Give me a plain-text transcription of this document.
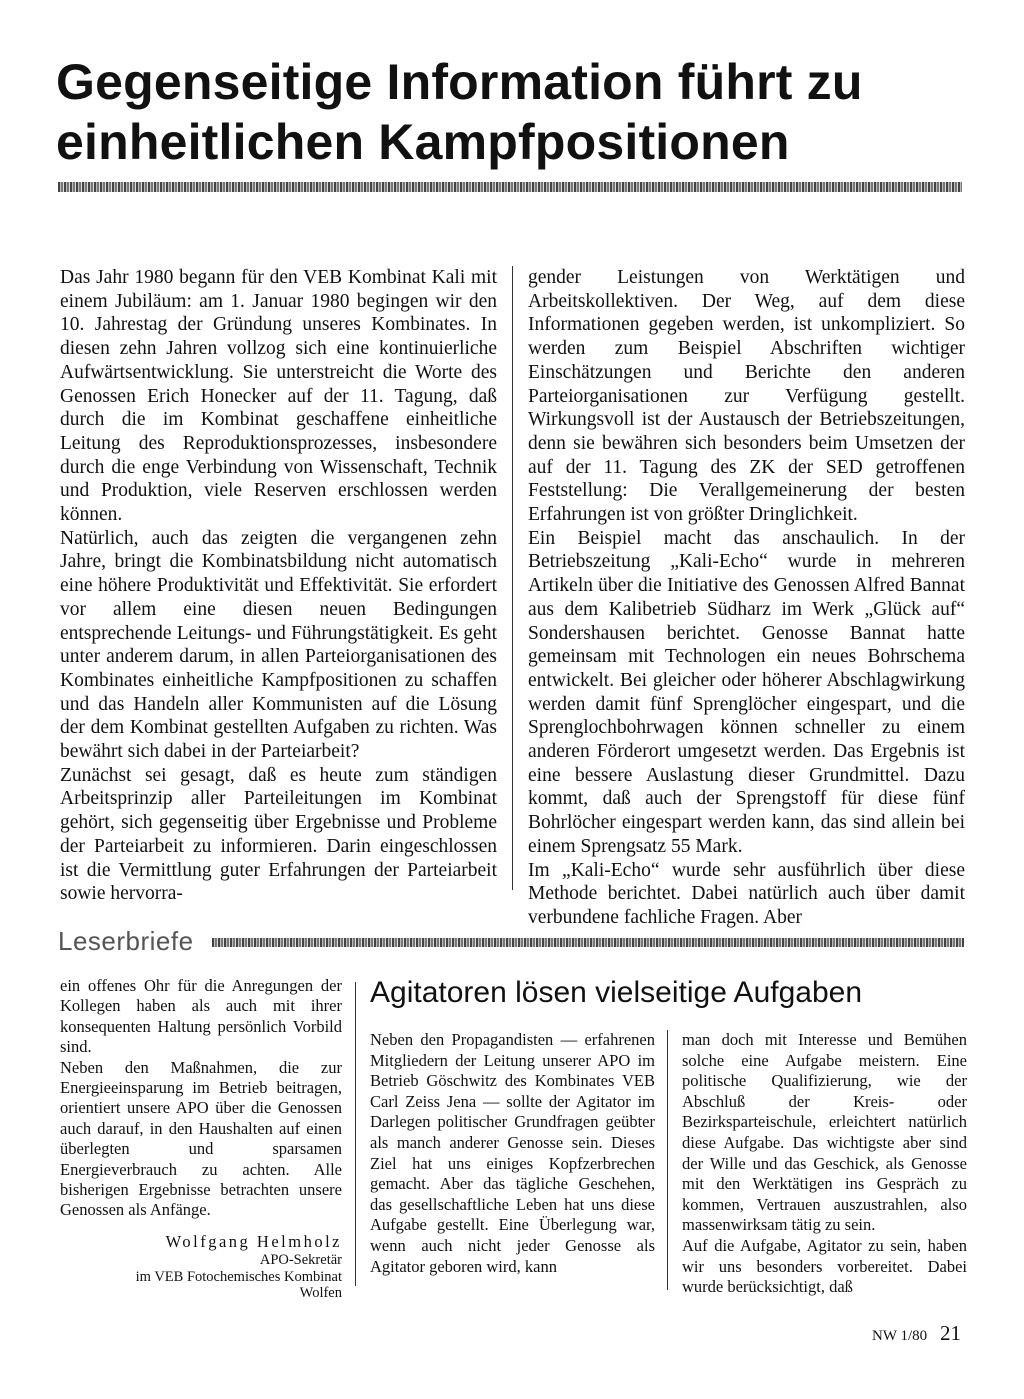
Gegenseitige Information führt zu einheitlichen Kampfpositionen

Das Jahr 1980 begann für den VEB Kombinat Kali mit einem Jubiläum: am 1. Januar 1980 begingen wir den 10. Jahrestag der Gründung unseres Kombinates. In diesen zehn Jahren vollzog sich eine kontinuierliche Aufwärtsentwicklung. Sie unterstreicht die Worte des Genossen Erich Honecker auf der 11. Tagung, daß durch die im Kombinat geschaffene einheitliche Leitung des Reproduktionsprozesses, insbesondere durch die enge Verbindung von Wissenschaft, Technik und Produktion, viele Reserven erschlossen werden können.

Natürlich, auch das zeigten die vergangenen zehn Jahre, bringt die Kombinatsbildung nicht automatisch eine höhere Produktivität und Effektivität. Sie erfordert vor allem eine diesen neuen Bedingungen entsprechende Leitungs- und Führungstätigkeit. Es geht unter anderem darum, in allen Parteiorganisationen des Kombinates einheitliche Kampfpositionen zu schaffen und das Handeln aller Kommunisten auf die Lösung der dem Kombinat gestellten Aufgaben zu richten. Was bewährt sich dabei in der Parteiarbeit?

Zunächst sei gesagt, daß es heute zum ständigen Arbeitsprinzip aller Parteileitungen im Kombinat gehört, sich gegenseitig über Ergebnisse und Probleme der Parteiarbeit zu informieren. Darin eingeschlossen ist die Vermittlung guter Erfahrungen der Parteiarbeit sowie hervorra-

gender Leistungen von Werktätigen und Arbeitskollektiven. Der Weg, auf dem diese Informationen gegeben werden, ist unkompliziert. So werden zum Beispiel Abschriften wichtiger Einschätzungen und Berichte den anderen Parteiorganisationen zur Verfügung gestellt. Wirkungsvoll ist der Austausch der Betriebszeitungen, denn sie bewähren sich besonders beim Umsetzen der auf der 11. Tagung des ZK der SED getroffenen Feststellung: Die Verallgemeinerung der besten Erfahrungen ist von größter Dringlichkeit.

Ein Beispiel macht das anschaulich. In der Betriebszeitung „Kali-Echo“ wurde in mehreren Artikeln über die Initiative des Genossen Alfred Bannat aus dem Kalibetrieb Südharz im Werk „Glück auf“ Sondershausen berichtet. Genosse Bannat hatte gemeinsam mit Technologen ein neues Bohrschema entwickelt. Bei gleicher oder höherer Abschlagwirkung werden damit fünf Sprenglöcher eingespart, und die Sprenglochbohrwagen können schneller zu einem anderen Förderort umgesetzt werden. Das Ergebnis ist eine bessere Auslastung dieser Grundmittel. Dazu kommt, daß auch der Sprengstoff für diese fünf Bohrlöcher eingespart werden kann, das sind allein bei einem Sprengsatz 55 Mark.

Im „Kali-Echo“ wurde sehr ausführlich über diese Methode berichtet. Dabei natürlich auch über damit verbundene fachliche Fragen. Aber

Leserbriefe

ein offenes Ohr für die Anregungen der Kollegen haben als auch mit ihrer konsequenten Haltung persönlich Vorbild sind.

Neben den Maßnahmen, die zur Energieeinsparung im Betrieb beitragen, orientiert unsere APO über die Genossen auch darauf, in den Haushalten auf einen überlegten und sparsamen Energieverbrauch zu achten. Alle bisherigen Ergebnisse betrachten unsere Genossen als Anfänge.

Wolfgang Helmholz
APO-Sekretär
im VEB Fotochemisches Kombinat
Wolfen
Agitatoren lösen vielseitige Aufgaben

Neben den Propagandisten — erfahrenen Mitgliedern der Leitung unserer APO im Betrieb Göschwitz des Kombinates VEB Carl Zeiss Jena — sollte der Agitator im Darlegen politischer Grundfragen geübter als manch anderer Genosse sein. Dieses Ziel hat uns einiges Kopfzerbrechen gemacht. Aber das tägliche Geschehen, das gesellschaftliche Leben hat uns diese Aufgabe gestellt. Eine Überlegung war, wenn auch nicht jeder Genosse als Agitator geboren wird, kann

man doch mit Interesse und Bemühen solche eine Aufgabe meistern. Eine politische Qualifizierung, wie der Abschluß der Kreis- oder Bezirksparteischule, erleichtert natürlich diese Aufgabe. Das wichtigste aber sind der Wille und das Geschick, als Genosse mit den Werktätigen ins Gespräch zu kommen, Vertrauen auszustrahlen, also massenwirksam tätig zu sein.

Auf die Aufgabe, Agitator zu sein, haben wir uns besonders vorbereitet. Dabei wurde berücksichtigt, daß

NW 1/80 21
